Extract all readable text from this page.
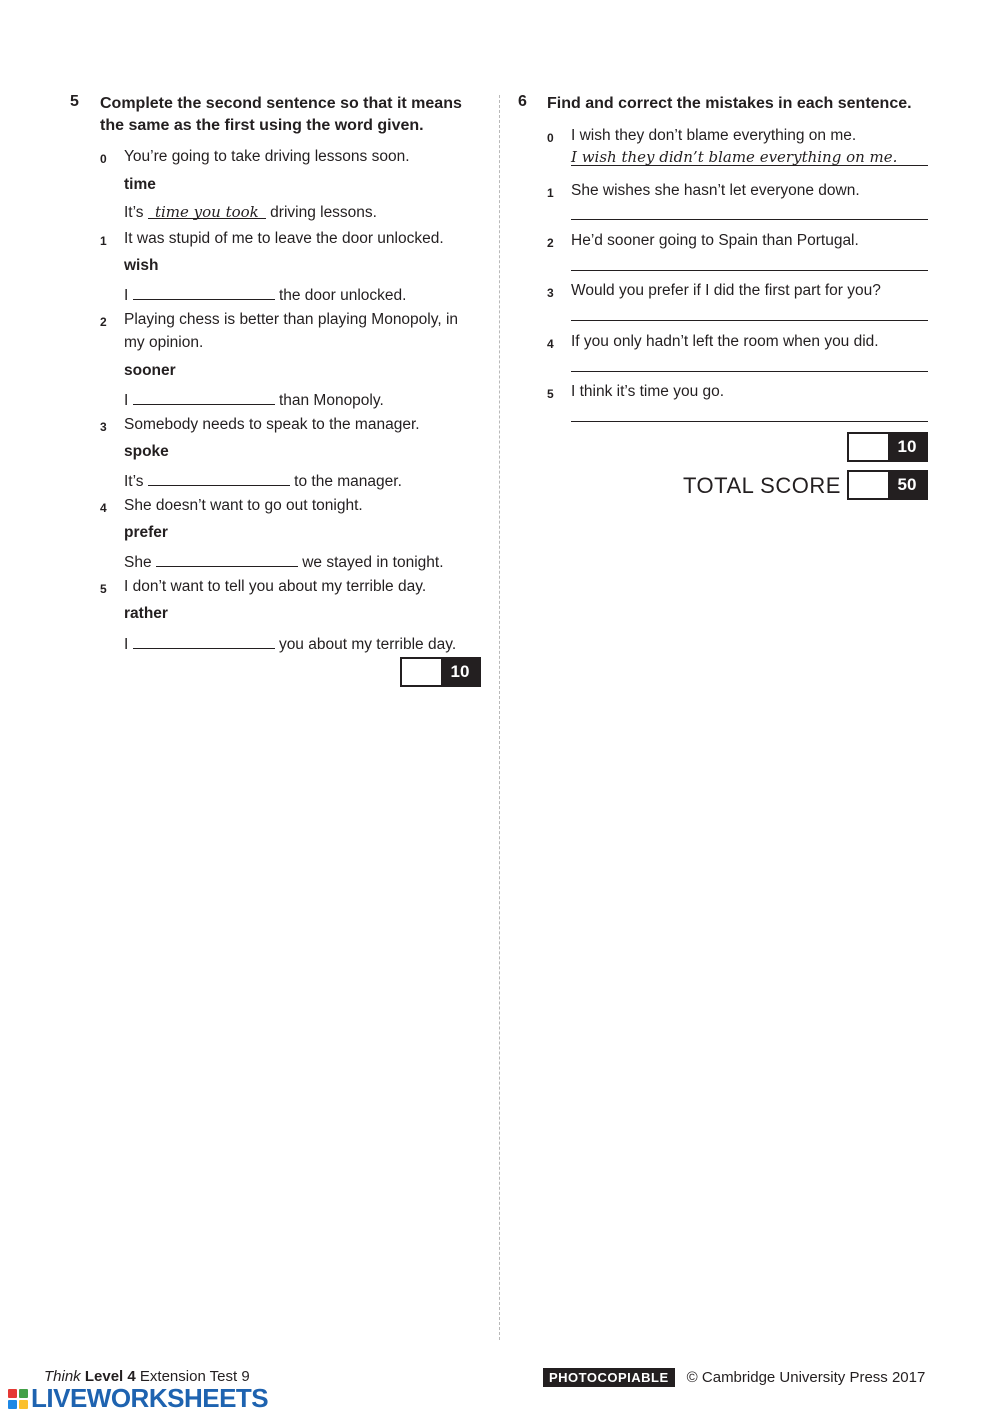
5 Complete the second sentence so that it means
the same as the first using the word given.
0 You’re going to take driving lessons soon.
time
It’s time you took driving lessons.
1 It was stupid of me to leave the door unlocked.
wish
I	the door unlocked.
2 Playing chess is better than playing Monopoly, in
my opinion.
sooner
I	than Monopoly.
3 Somebody needs to speak to the manager.
spoke
It’s	to the manager.
4 She doesn’t want to go out tonight.
prefer
She	we stayed in tonight.
5 I don’t want to tell you about my terrible day.
rather
I	you about my terrible day.
10
6 Find and correct the mistakes in each sentence.
0 I wish they don’t blame everything on me.
I wish they didn’t blame everything on me.
1 She wishes she hasn’t let everyone down.
2 He’d sooner going to Spain than Portugal.
3 Would you prefer if I did the first part for you?
4 If you only hadn’t left the room when you did.
5 I think it’s time you go.
10
TOTAL SCORE	50
Think Level 4 Extension Test 9
LIVEWORKSHEETS
PHOTOCOPIABLE	© Cambridge University Press 2017
